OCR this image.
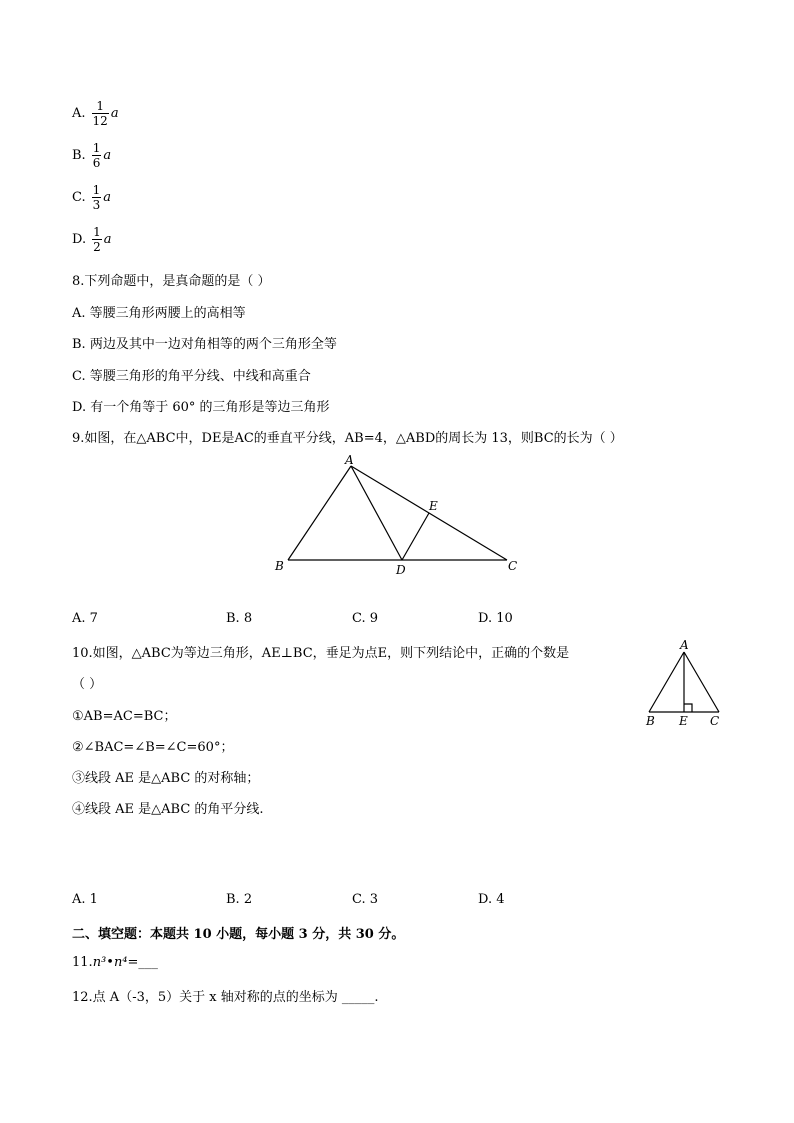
A. $\frac{1}{12}$ a
B. $\frac{1}{6}$ a
C. $\frac{1}{3}$ a
D. $\frac{1}{2}$ a
8.下列命题中，是真命题的是（ ）
A. 等腰三角形两腰上的高相等
B. 两边及其中一边对角相等的两个三角形全等
C. 等腰三角形的角平分线、中线和高重合
D. 有一个角等于 60° 的三角形是等边三角形
9.如图，在△ABC中，DE是AC的垂直平分线，AB=4，△ABD的周长为 13，则BC的长为（ ）
A
B	C
D
E
A. 7	B. 8	C. 9	D. 10
10.如图，△ABC为等边三角形，AE⊥BC，垂足为点E，则下列结论中，正确的个数是
（ ）
A
B E C
①AB=AC=BC；
②∠BAC=∠B=∠C=60°；
③线段 AE 是△ABC 的对称轴；
④线段 AE 是△ABC 的角平分线.
A. 1	B. 2	C. 3	D. 4
二、填空题：本题共 10 小题，每小题 3 分，共 30 分。
11.n³•n⁴=___
12.点 A（-3，5）关于 x 轴对称的点的坐标为 _____.
